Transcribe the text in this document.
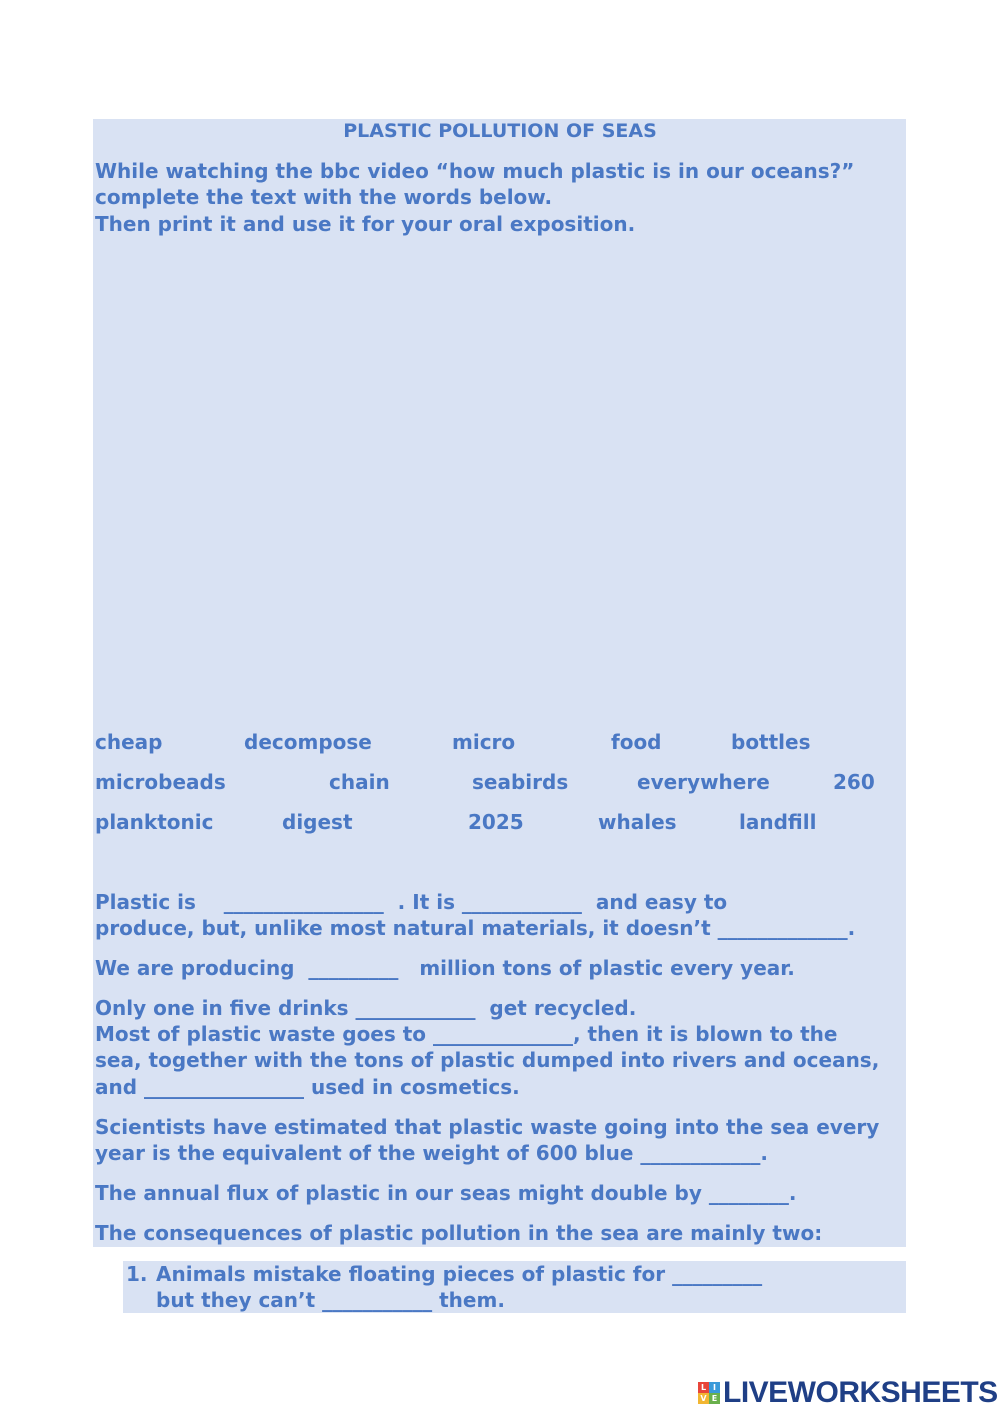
PLASTIC POLLUTION OF SEAS
While watching the bbc video “how much plastic is in our oceans?”
complete the text with the words below.
Then print it and use it for your oral exposition.
cheap	decompose	micro	food	bottles
microbeads	chain	seabirds	everywhere	260
planktonic	digest	2025	whales	landfill
Plastic is    ________________  . It is ____________  and easy to
produce, but, unlike most natural materials, it doesn’t _____________.
We are producing  _________   million tons of plastic every year.
Only one in five drinks ____________  get recycled.
Most of plastic waste goes to ______________, then it is blown to the
sea, together with the tons of plastic dumped into rivers and oceans,
and ________________ used in cosmetics.
Scientists have estimated that plastic waste going into the sea every
year is the equivalent of the weight of 600 blue ____________.
The annual flux of plastic in our seas might double by ________.
The consequences of plastic pollution in the sea are mainly two:
1. Animals mistake floating pieces of plastic for _________
but they can’t ___________ them.
L I
V E LIVEWORKSHEETS
